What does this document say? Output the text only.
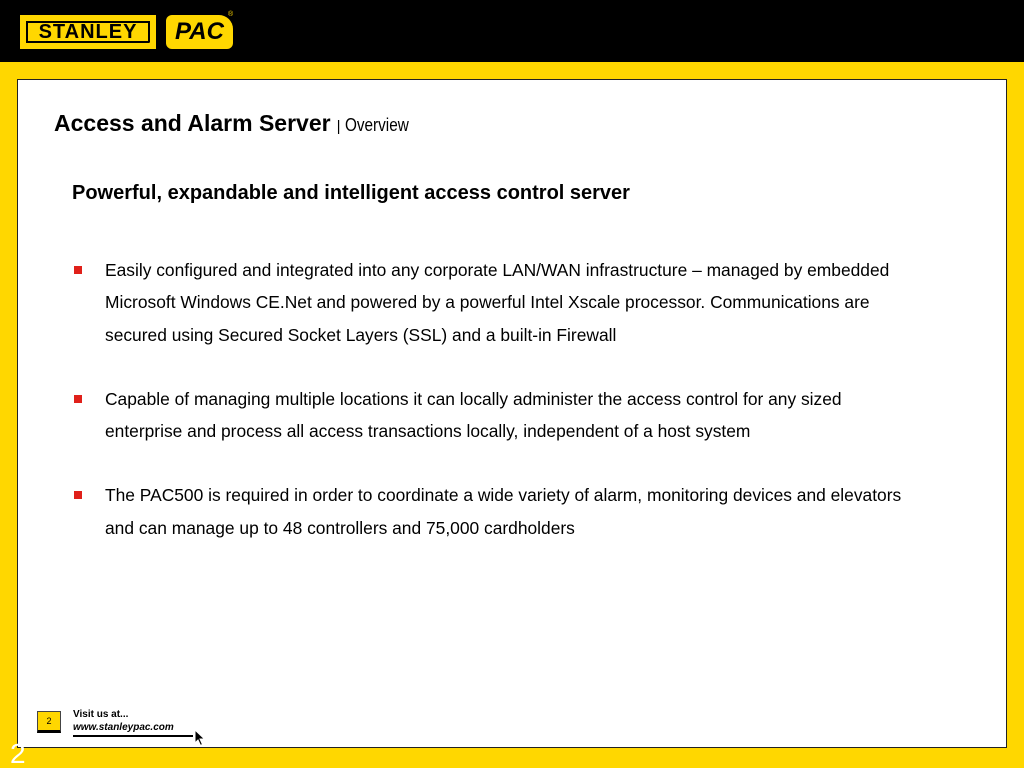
STANLEY
® PAC
®
Access and Alarm Server | Overview
Powerful, expandable and intelligent access control server
Easily configured and integrated into any corporate LAN/WAN infrastructure – managed by embedded Microsoft Windows CE.Net and powered by a powerful Intel Xscale processor. Communications are secured using Secured Socket Layers (SSL) and a built-in Firewall
Capable of managing multiple locations it can locally administer the access control for any sized enterprise and process all access transactions locally, independent of a host system
The PAC500 is required in order to coordinate a wide variety of alarm, monitoring devices and elevators and can manage up to 48 controllers and 75,000 cardholders
2
Visit us at...
www.stanleypac.com
2
